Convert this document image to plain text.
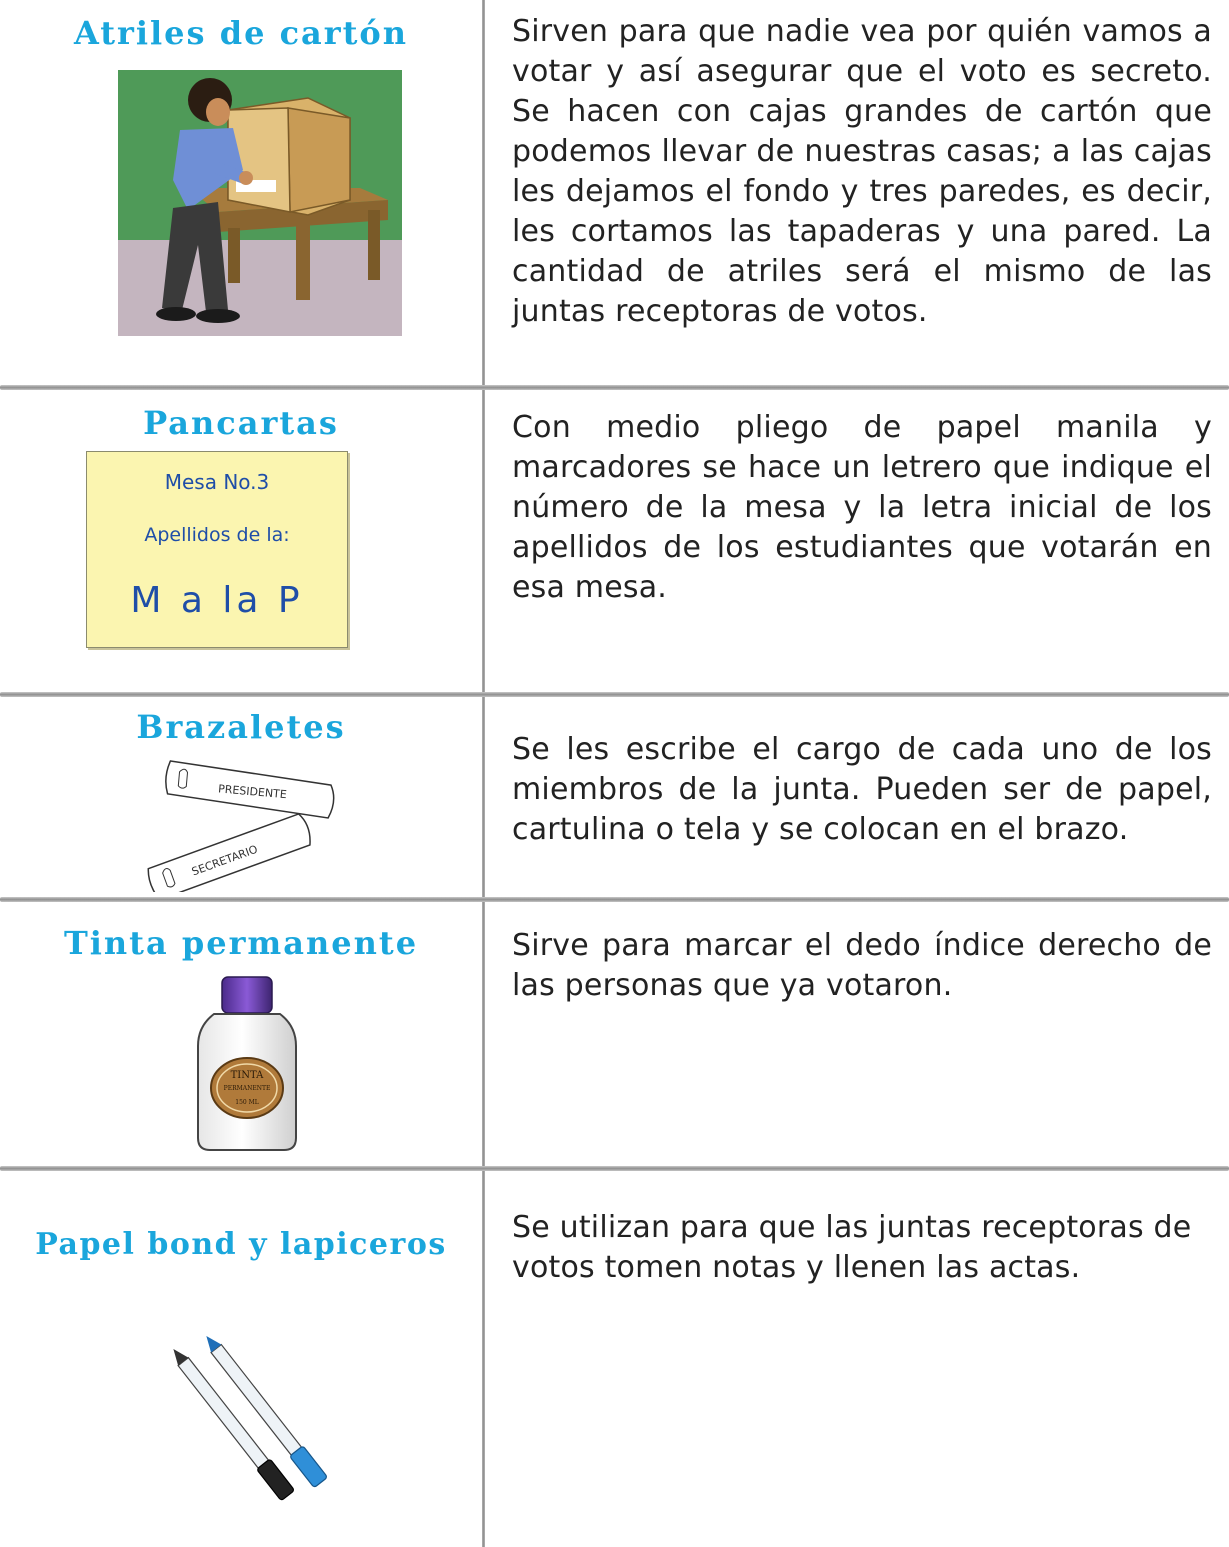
Atriles de cartón	Sirven para que nadie vea por quién vamos a votar y así asegurar que el voto es secreto. Se hacen con cajas grandes de cartón que podemos llevar de nuestras casas; a las cajas les dejamos el fondo y tres paredes, es decir, les cortamos las tapaderas y una pared. La cantidad de atriles será el mismo de las juntas receptoras de votos.
Pancartas
Mesa No.3
Apellidos de la:
M a la P
Con medio pliego de papel manila y marcadores se hace un letrero que indique el número de la mesa y la letra inicial de los apellidos de los estudiantes que votarán en esa mesa.
Brazaletes
PRESIDENTE
SECRETARIO
Se les escribe el cargo de cada uno de los miembros de la junta. Pueden ser de papel, cartulina o tela y se colocan en el brazo.
Tinta permanente
TINTA
PERMANENTE
150 ML
Sirve para marcar el dedo índice derecho de las personas que ya votaron.
Papel bond y lapiceros	Se utilizan para que las juntas receptoras de votos tomen notas y llenen las actas.
